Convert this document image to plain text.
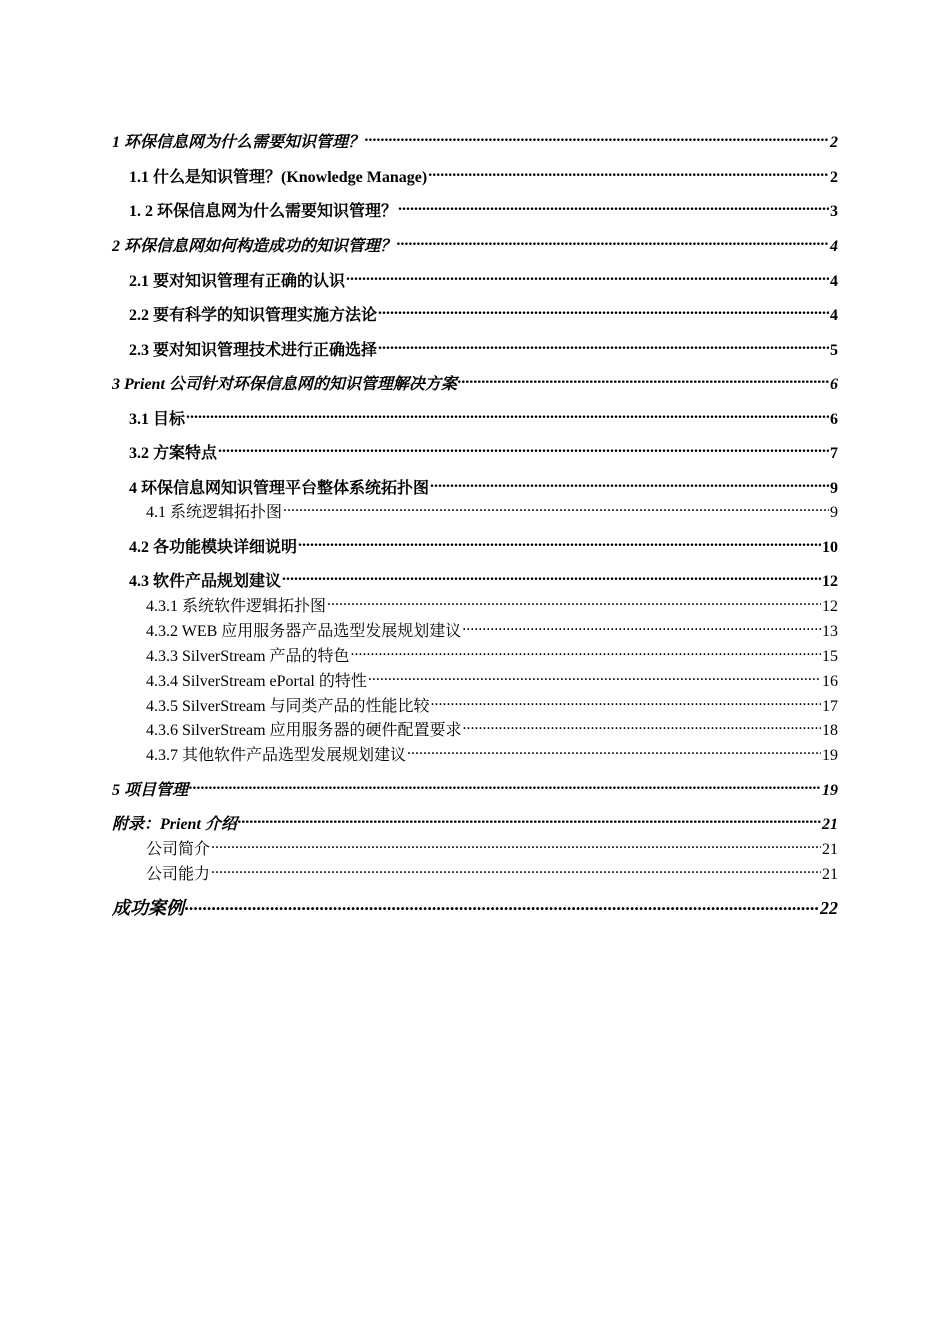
1 环保信息网为什么需要知识管理？ .....	2
1.1 什么是知识管理？(Knowledge Manage) .....	2
1. 2 环保信息网为什么需要知识管理？ .....	3
2 环保信息网如何构造成功的知识管理？ .....	4
2.1 要对知识管理有正确的认识 .....	4
2.2 要有科学的知识管理实施方法论 .....	4
2.3 要对知识管理技术进行正确选择 .....	5
3 Prient 公司针对环保信息网的知识管理解决方案 .....	6
3.1 目标 .....	6
3.2 方案特点 .....	7
4 环保信息网知识管理平台整体系统拓扑图 .....	9
4.1 系统逻辑拓扑图 .....	9
4.2 各功能模块详细说明 .....	10
4.3 软件产品规划建议 .....	12
4.3.1 系统软件逻辑拓扑图 .....	12
4.3.2 WEB 应用服务器产品选型发展规划建议 .....	13
4.3.3 SilverStream 产品的特色 .....	15
4.3.4 SilverStream ePortal 的特性 .....	16
4.3.5 SilverStream 与同类产品的性能比较 .....	17
4.3.6 SilverStream 应用服务器的硬件配置要求 .....	18
4.3.7 其他软件产品选型发展规划建议 .....	19
5 项目管理 .....	19
附录：Prient 介绍 .....	21
公司简介 .....	21
公司能力 .....	21
成功案例 .....	22
